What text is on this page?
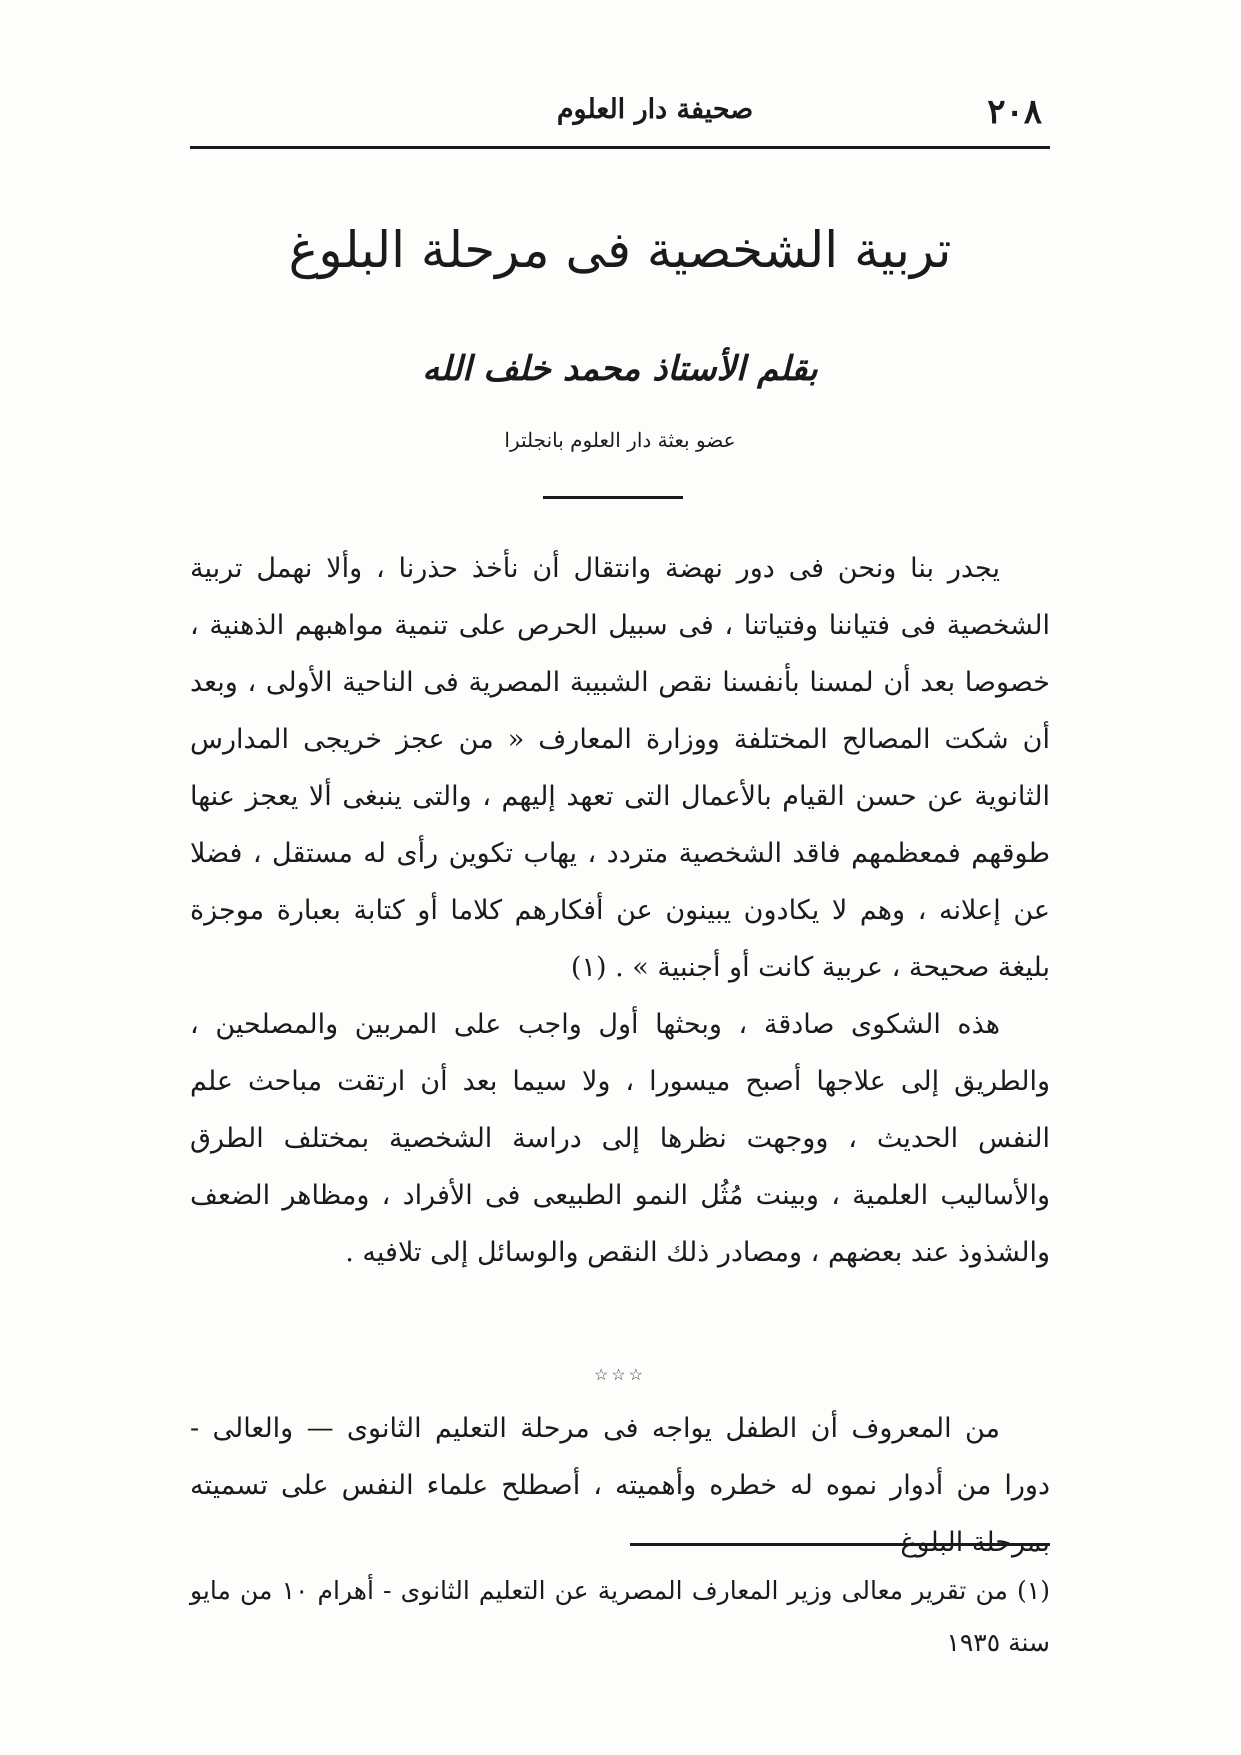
٢٠٨
صحيفة دار العلوم
تربية الشخصية فى مرحلة البلوغ
بقلم الأستاذ محمد خلف الله
عضو بعثة دار العلوم بانجلترا

يجدر بنا ونحن فى دور نهضة وانتقال أن نأخذ حذرنا ، وألا نهمل تربية الشخصية فى فتياننا وفتياتنا ، فى سبيل الحرص على تنمية مواهبهم الذهنية ، خصوصا بعد أن لمسنا بأنفسنا نقص الشبيبة المصرية فى الناحية الأولى ، وبعد أن شكت المصالح المختلفة ووزارة المعارف « من عجز خريجى المدارس الثانوية عن حسن القيام بالأعمال التى تعهد إليهم ، والتى ينبغى ألا يعجز عنها طوقهم فمعظمهم فاقد الشخصية متردد ، يهاب تكوين رأى له مستقل ، فضلا عن إعلانه ، وهم لا يكادون يبينون عن أفكارهم كلاما أو كتابة بعبارة موجزة بليغة صحيحة ، عربية كانت أو أجنبية » . (١)

هذه الشكوى صادقة ، وبحثها أول واجب على المربين والمصلحين ، والطريق إلى علاجها أصبح ميسورا ، ولا سيما بعد أن ارتقت مباحث علم النفس الحديث ، ووجهت نظرها إلى دراسة الشخصية بمختلف الطرق والأساليب العلمية ، وبينت مُثُل النمو الطبيعى فى الأفراد ، ومظاهر الضعف والشذوذ عند بعضهم ، ومصادر ذلك النقص والوسائل إلى تلافيه .

☆☆☆

من المعروف أن الطفل يواجه فى مرحلة التعليم الثانوى — والعالى - دورا من أدوار نموه له خطره وأهميته ، أصطلح علماء النفس على تسميته بمرحلة البلوغ

(١) من تقرير معالى وزير المعارف المصرية عن التعليم الثانوى - أهرام ١٠ من مايو سنة ١٩٣٥
